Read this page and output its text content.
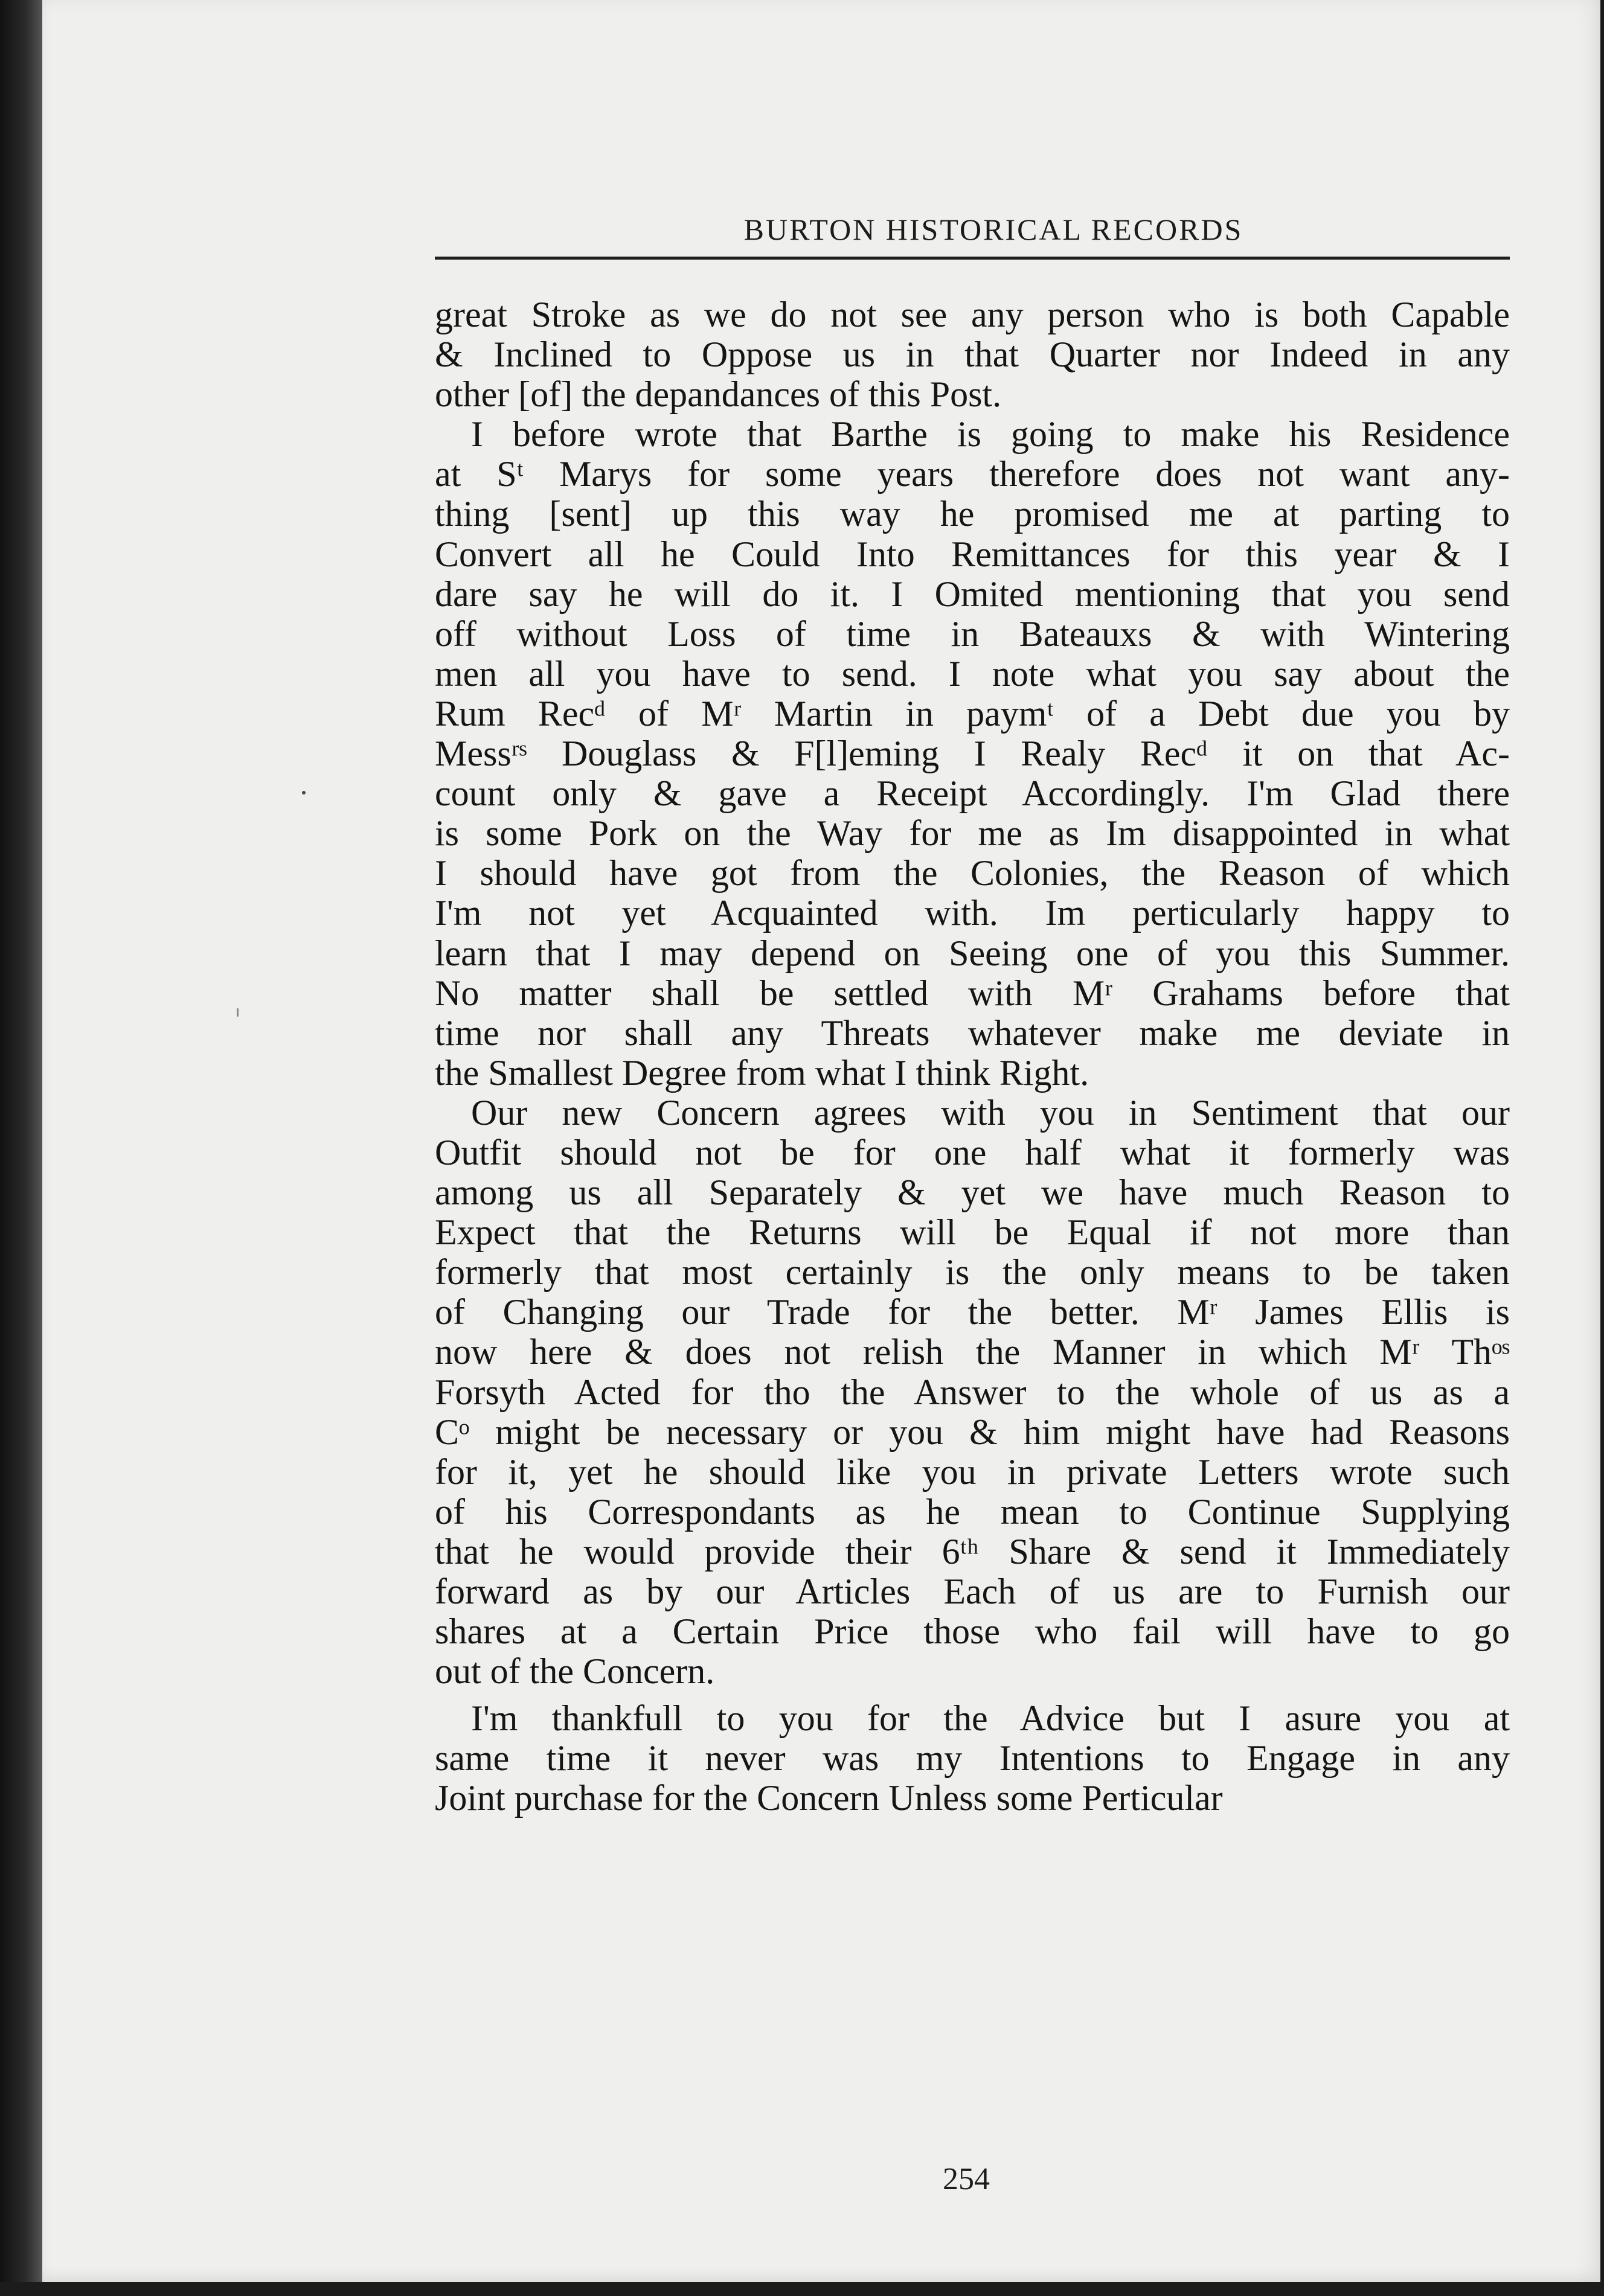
BURTON HISTORICAL RECORDS
great Stroke as we do not see any person who is both Capable
& Inclined to Oppose us in that Quarter nor Indeed in any
other [of] the depandances of this Post.
I before wrote that Barthe is going to make his Residence
at Sᵗ Marys for some years therefore does not want any-
thing [sent] up this way he promised me at parting to
Convert all he Could Into Remittances for this year & I
dare say he will do it. I Omited mentioning that you send
off without Loss of time in Bateauxs & with Wintering
men all you have to send. I note what you say about the
Rum Recᵈ of Mʳ Martin in paymᵗ of a Debt due you by
Messʳˢ Douglass & F[l]eming I Realy Recᵈ it on that Ac-
count only & gave a Receipt Accordingly. I'm Glad there
is some Pork on the Way for me as Im disappointed in what
I should have got from the Colonies, the Reason of which
I'm not yet Acquainted with. Im perticularly happy to
learn that I may depend on Seeing one of you this Summer.
No matter shall be settled with Mʳ Grahams before that
time nor shall any Threats whatever make me deviate in
the Smallest Degree from what I think Right.
Our new Concern agrees with you in Sentiment that our
Outfit should not be for one half what it formerly was
among us all Separately & yet we have much Reason to
Expect that the Returns will be Equal if not more than
formerly that most certainly is the only means to be taken
of Changing our Trade for the better. Mʳ James Ellis is
now here & does not relish the Manner in which Mʳ Thᵒˢ
Forsyth Acted for tho the Answer to the whole of us as a
Cᵒ might be necessary or you & him might have had Reasons
for it, yet he should like you in private Letters wrote such
of his Correspondants as he mean to Continue Supplying
that he would provide their 6ᵗʰ Share & send it Immediately
forward as by our Articles Each of us are to Furnish our
shares at a Certain Price those who fail will have to go
out of the Concern.
I'm thankfull to you for the Advice but I asure you at
same time it never was my Intentions to Engage in any
Joint purchase for the Concern Unless some Perticular
254
